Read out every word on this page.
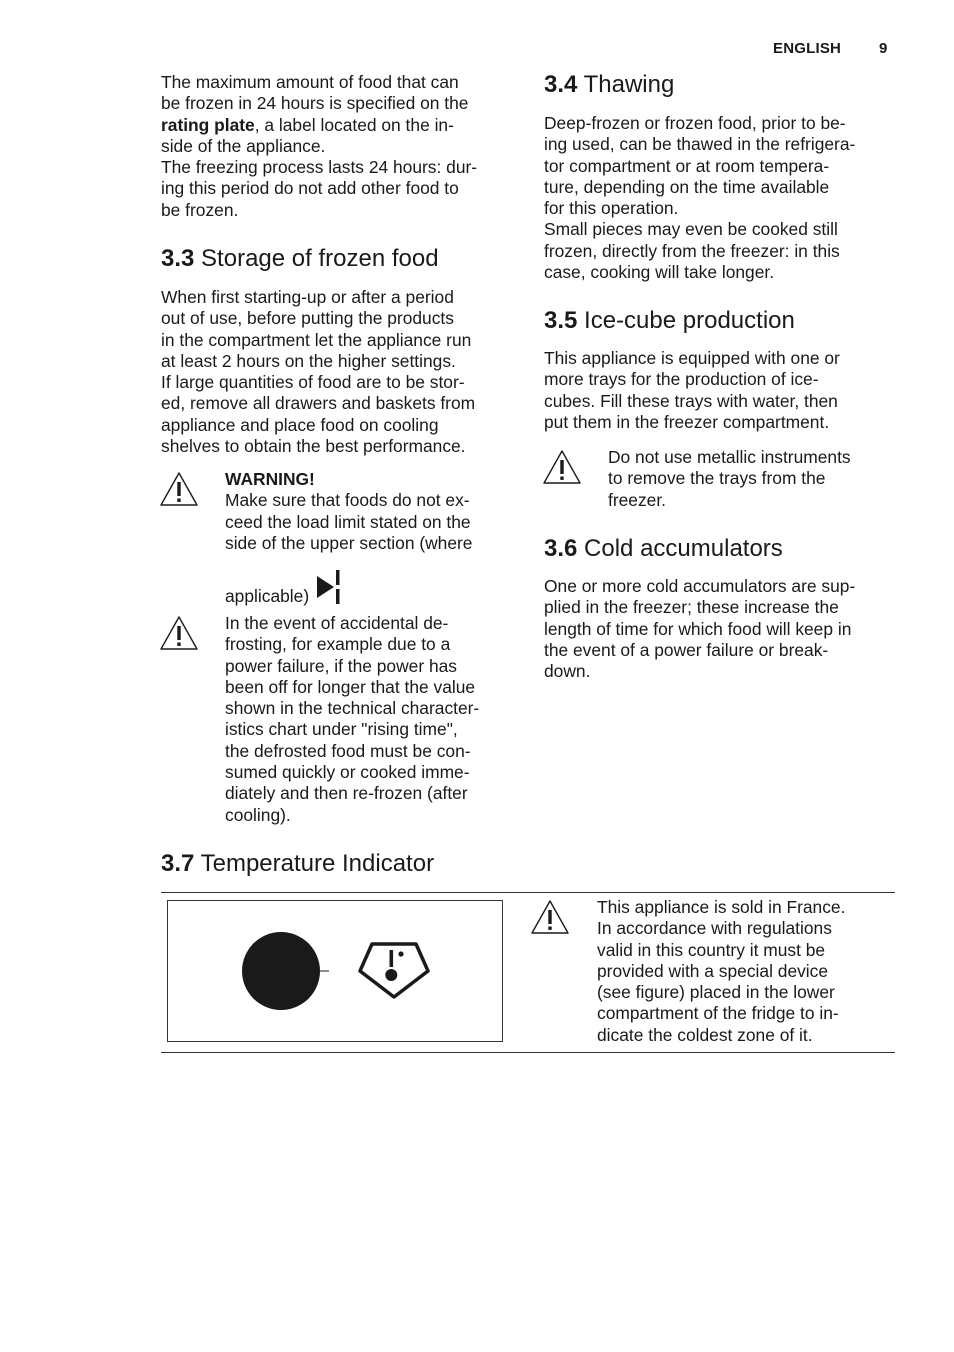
ENGLISH	9

The maximum amount of food that can
be frozen in 24 hours is specified on the
rating plate, a label located on the in-
side of the appliance.

The freezing process lasts 24 hours: dur-
ing this period do not add other food to
be frozen.

3.3 Storage of frozen food

When first starting-up or after a period
out of use, before putting the products
in the compartment let the appliance run
at least 2 hours on the higher settings.

If large quantities of food are to be stor-
ed, remove all drawers and baskets from
appliance and place food on cooling
shelves to obtain the best performance.

WARNING!

Make sure that foods do not ex-
ceed the load limit stated on the
side of the upper section (where

applicable)

In the event of accidental de-
frosting, for example due to a
power failure, if the power has
been off for longer that the value
shown in the technical character-
istics chart under "rising time",
the defrosted food must be con-
sumed quickly or cooked imme-
diately and then re-frozen (after
cooling).

3.4 Thawing

Deep-frozen or frozen food, prior to be-
ing used, can be thawed in the refrigera-
tor compartment or at room tempera-
ture, depending on the time available
for this operation.

Small pieces may even be cooked still
frozen, directly from the freezer: in this
case, cooking will take longer.

3.5 Ice-cube production

This appliance is equipped with one or
more trays for the production of ice-
cubes. Fill these trays with water, then
put them in the freezer compartment.

Do not use metallic instruments
to remove the trays from the
freezer.

3.6 Cold accumulators

One or more cold accumulators are sup-
plied in the freezer; these increase the
length of time for which food will keep in
the event of a power failure or break-
down.

3.7 Temperature Indicator

This appliance is sold in France.
In accordance with regulations
valid in this country it must be
provided with a special device
(see figure) placed in the lower
compartment of the fridge to in-
dicate the coldest zone of it.
